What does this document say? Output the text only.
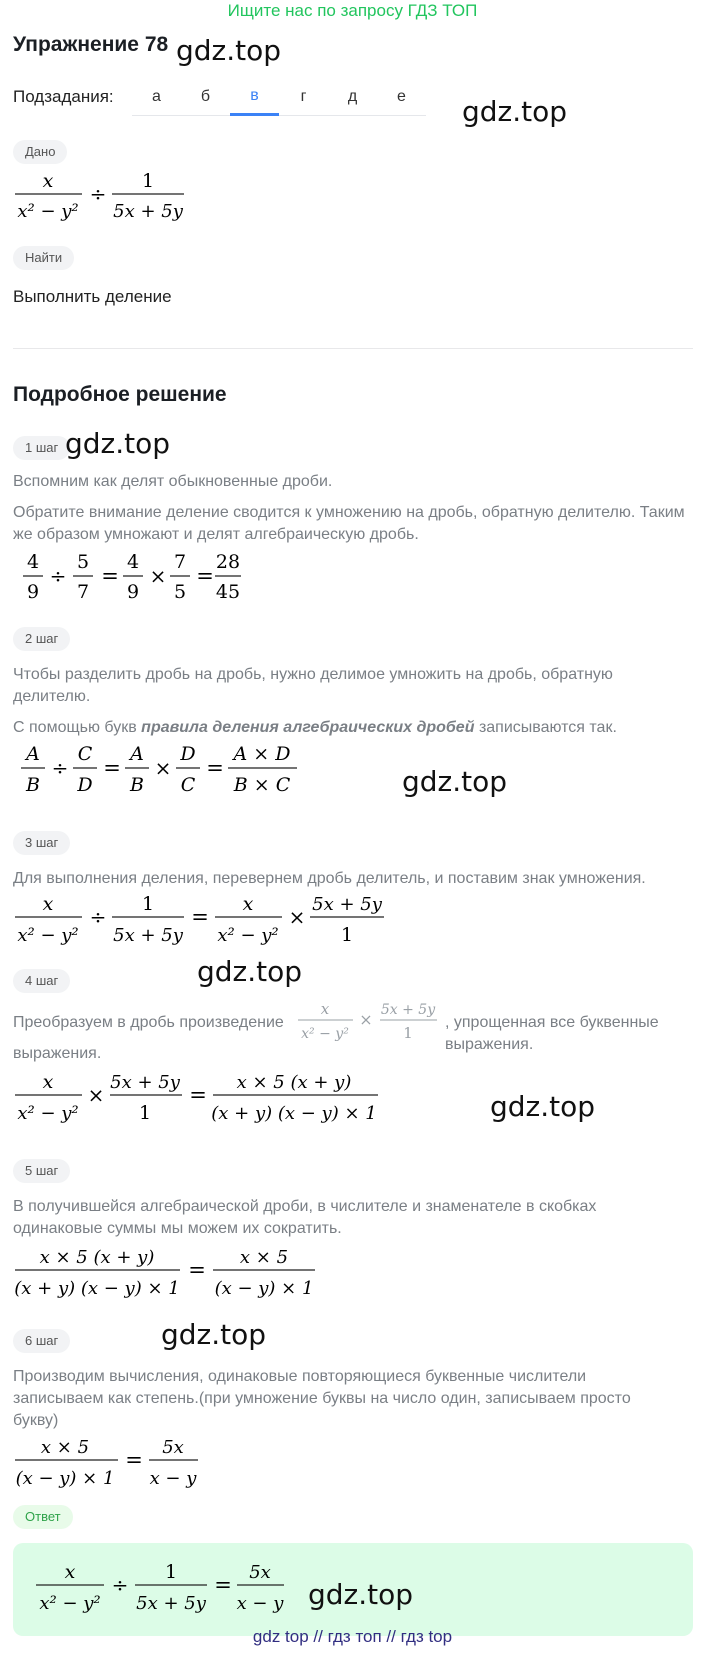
Ищите нас по запросу ГДЗ ТОП
Упражнение 78 gdz.top
Подзадания:	а	б	в	г	д	е	gdz.top
Дано
x
x² − y²
÷
1
5x + 5y
Найти
Выполнить деление
Подробное решение
1 шаг gdz.top
Вспомним как делят обыкновенные дроби.
Обратите внимание деление сводится к умножению на дробь, обратную делителю. Таким же образом умножают и делят алгебраическую дробь.
4
9
÷
5
7
=
4
9
×
7
5
=
28
45
2 шаг
Чтобы разделить дробь на дробь, нужно делимое умножить на дробь, обратную делителю.
С помощью букв правила деления алгебраических дробей записываются так.
A
B
÷
C
D
=
A
B
×
D
C
=
A × D
B × C	gdz.top
3 шаг
Для выполнения деления, перевернем дробь делитель, и поставим знак умножения.
x
x² − y²
÷
1
5x + 5y
=
x
x² − y²
×
5x + 5y
1
gdz.top
4 шаг
Преобразуем в дробь произведение
x
x² − y²
× 5x + 5y
1
, упрощенная все буквенные выражения.
выражения.
x
x² − y²
×
5x + 5y
1
=
x × 5 (x + y)
(x + y) (x − y) × 1	gdz.top
5 шаг
В получившейся алгебраической дроби, в числителе и знаменателе в скобках одинаковые суммы мы можем их сократить.
x × 5 (x + y)
(x + y) (x − y) × 1
=
x × 5
(x − y) × 1
6 шаг	gdz.top
Производим вычисления, одинаковые повторяющиеся буквенные числители записываем как степень.(при умножение буквы на число один, записываем просто букву)
x × 5
(x − y) × 1
=
5x
x − y
Ответ
x
x² − y²
÷
1
5x + 5y
=
5x
x − y gdz.top
gdz top // гдз топ // гдз top
